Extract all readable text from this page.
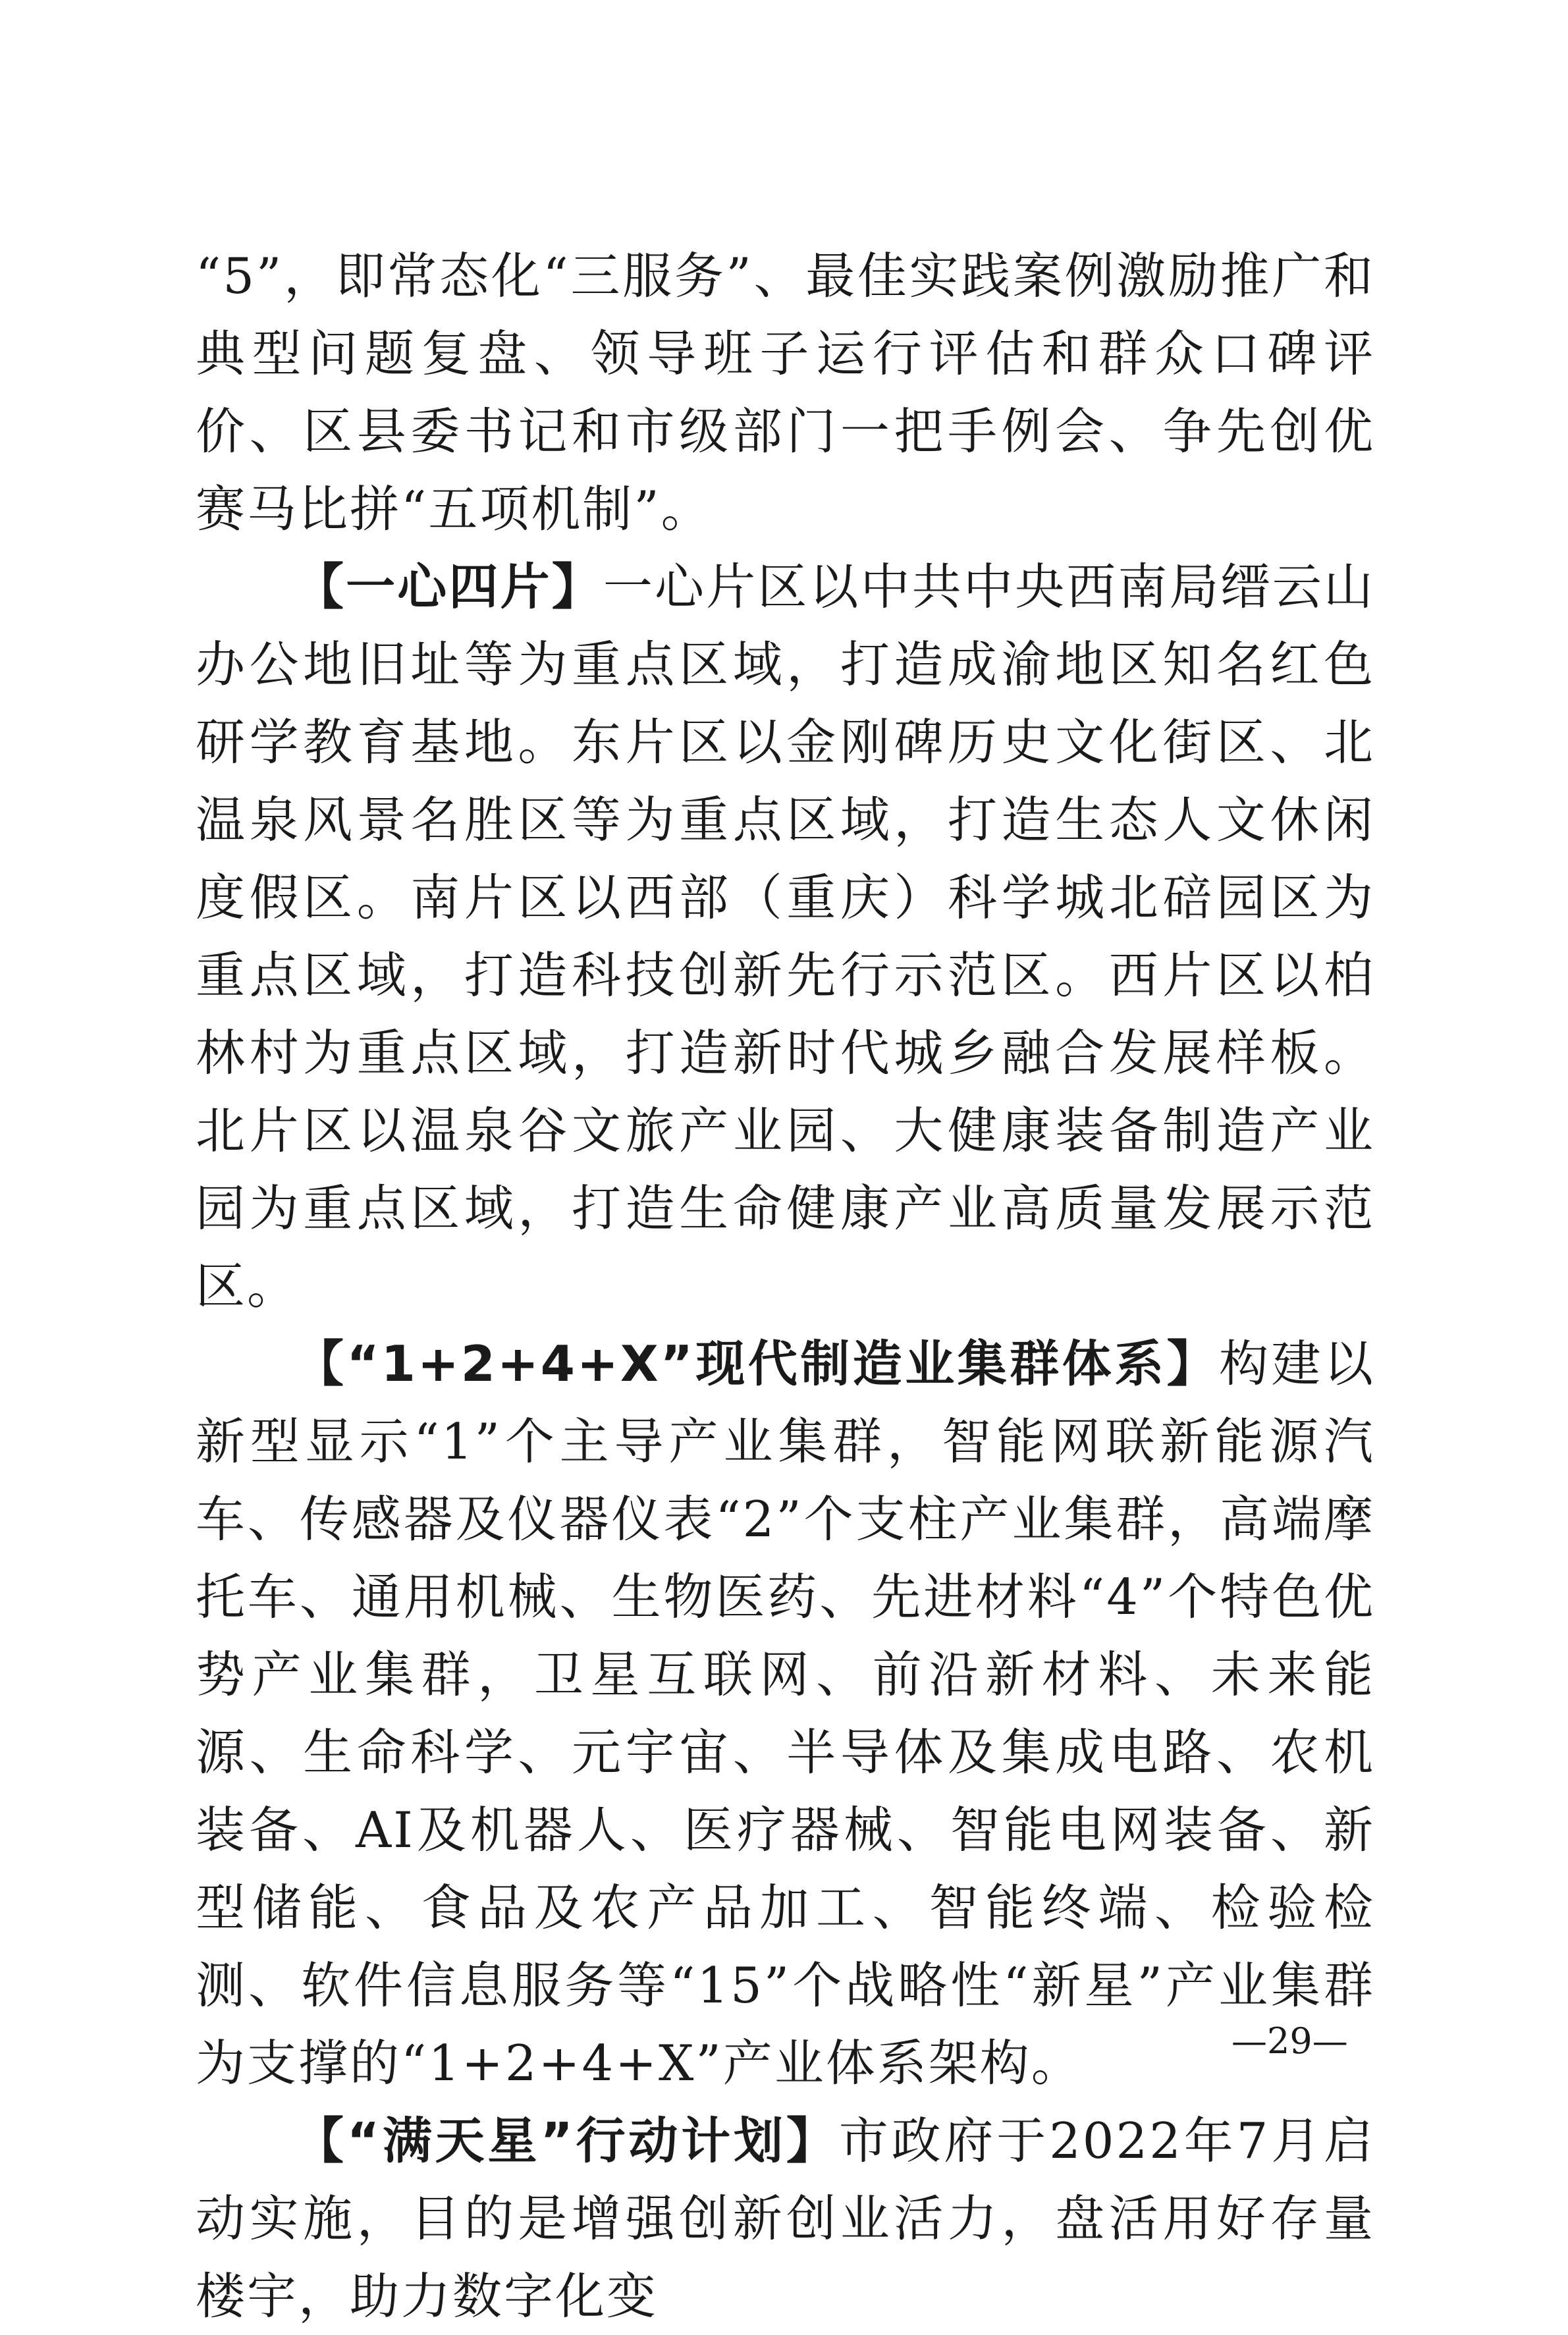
“5”，即常态化“三服务”、最佳实践案例激励推广和典型问题复盘、领导班子运行评估和群众口碑评价、区县委书记和市级部门一把手例会、争先创优赛马比拼“五项机制”。

【一心四片】一心片区以中共中央西南局缙云山办公地旧址等为重点区域，打造成渝地区知名红色研学教育基地。东片区以金刚碑历史文化街区、北温泉风景名胜区等为重点区域，打造生态人文休闲度假区。南片区以西部（重庆）科学城北碚园区为重点区域，打造科技创新先行示范区。西片区以柏林村为重点区域，打造新时代城乡融合发展样板。北片区以温泉谷文旅产业园、大健康装备制造产业园为重点区域，打造生命健康产业高质量发展示范区。

【“1+2+4+X”现代制造业集群体系】构建以新型显示“1”个主导产业集群，智能网联新能源汽车、传感器及仪器仪表“2”个支柱产业集群，高端摩托车、通用机械、生物医药、先进材料“4”个特色优势产业集群，卫星互联网、前沿新材料、未来能源、生命科学、元宇宙、半导体及集成电路、农机装备、AI及机器人、医疗器械、智能电网装备、新型储能、食品及农产品加工、智能终端、检验检测、软件信息服务等“15”个战略性“新星”产业集群为支撑的“1+2+4+X”产业体系架构。

【“满天星”行动计划】市政府于2022年7月启动实施，目的是增强创新创业活力，盘活用好存量楼宇，助力数字化变

—29—
